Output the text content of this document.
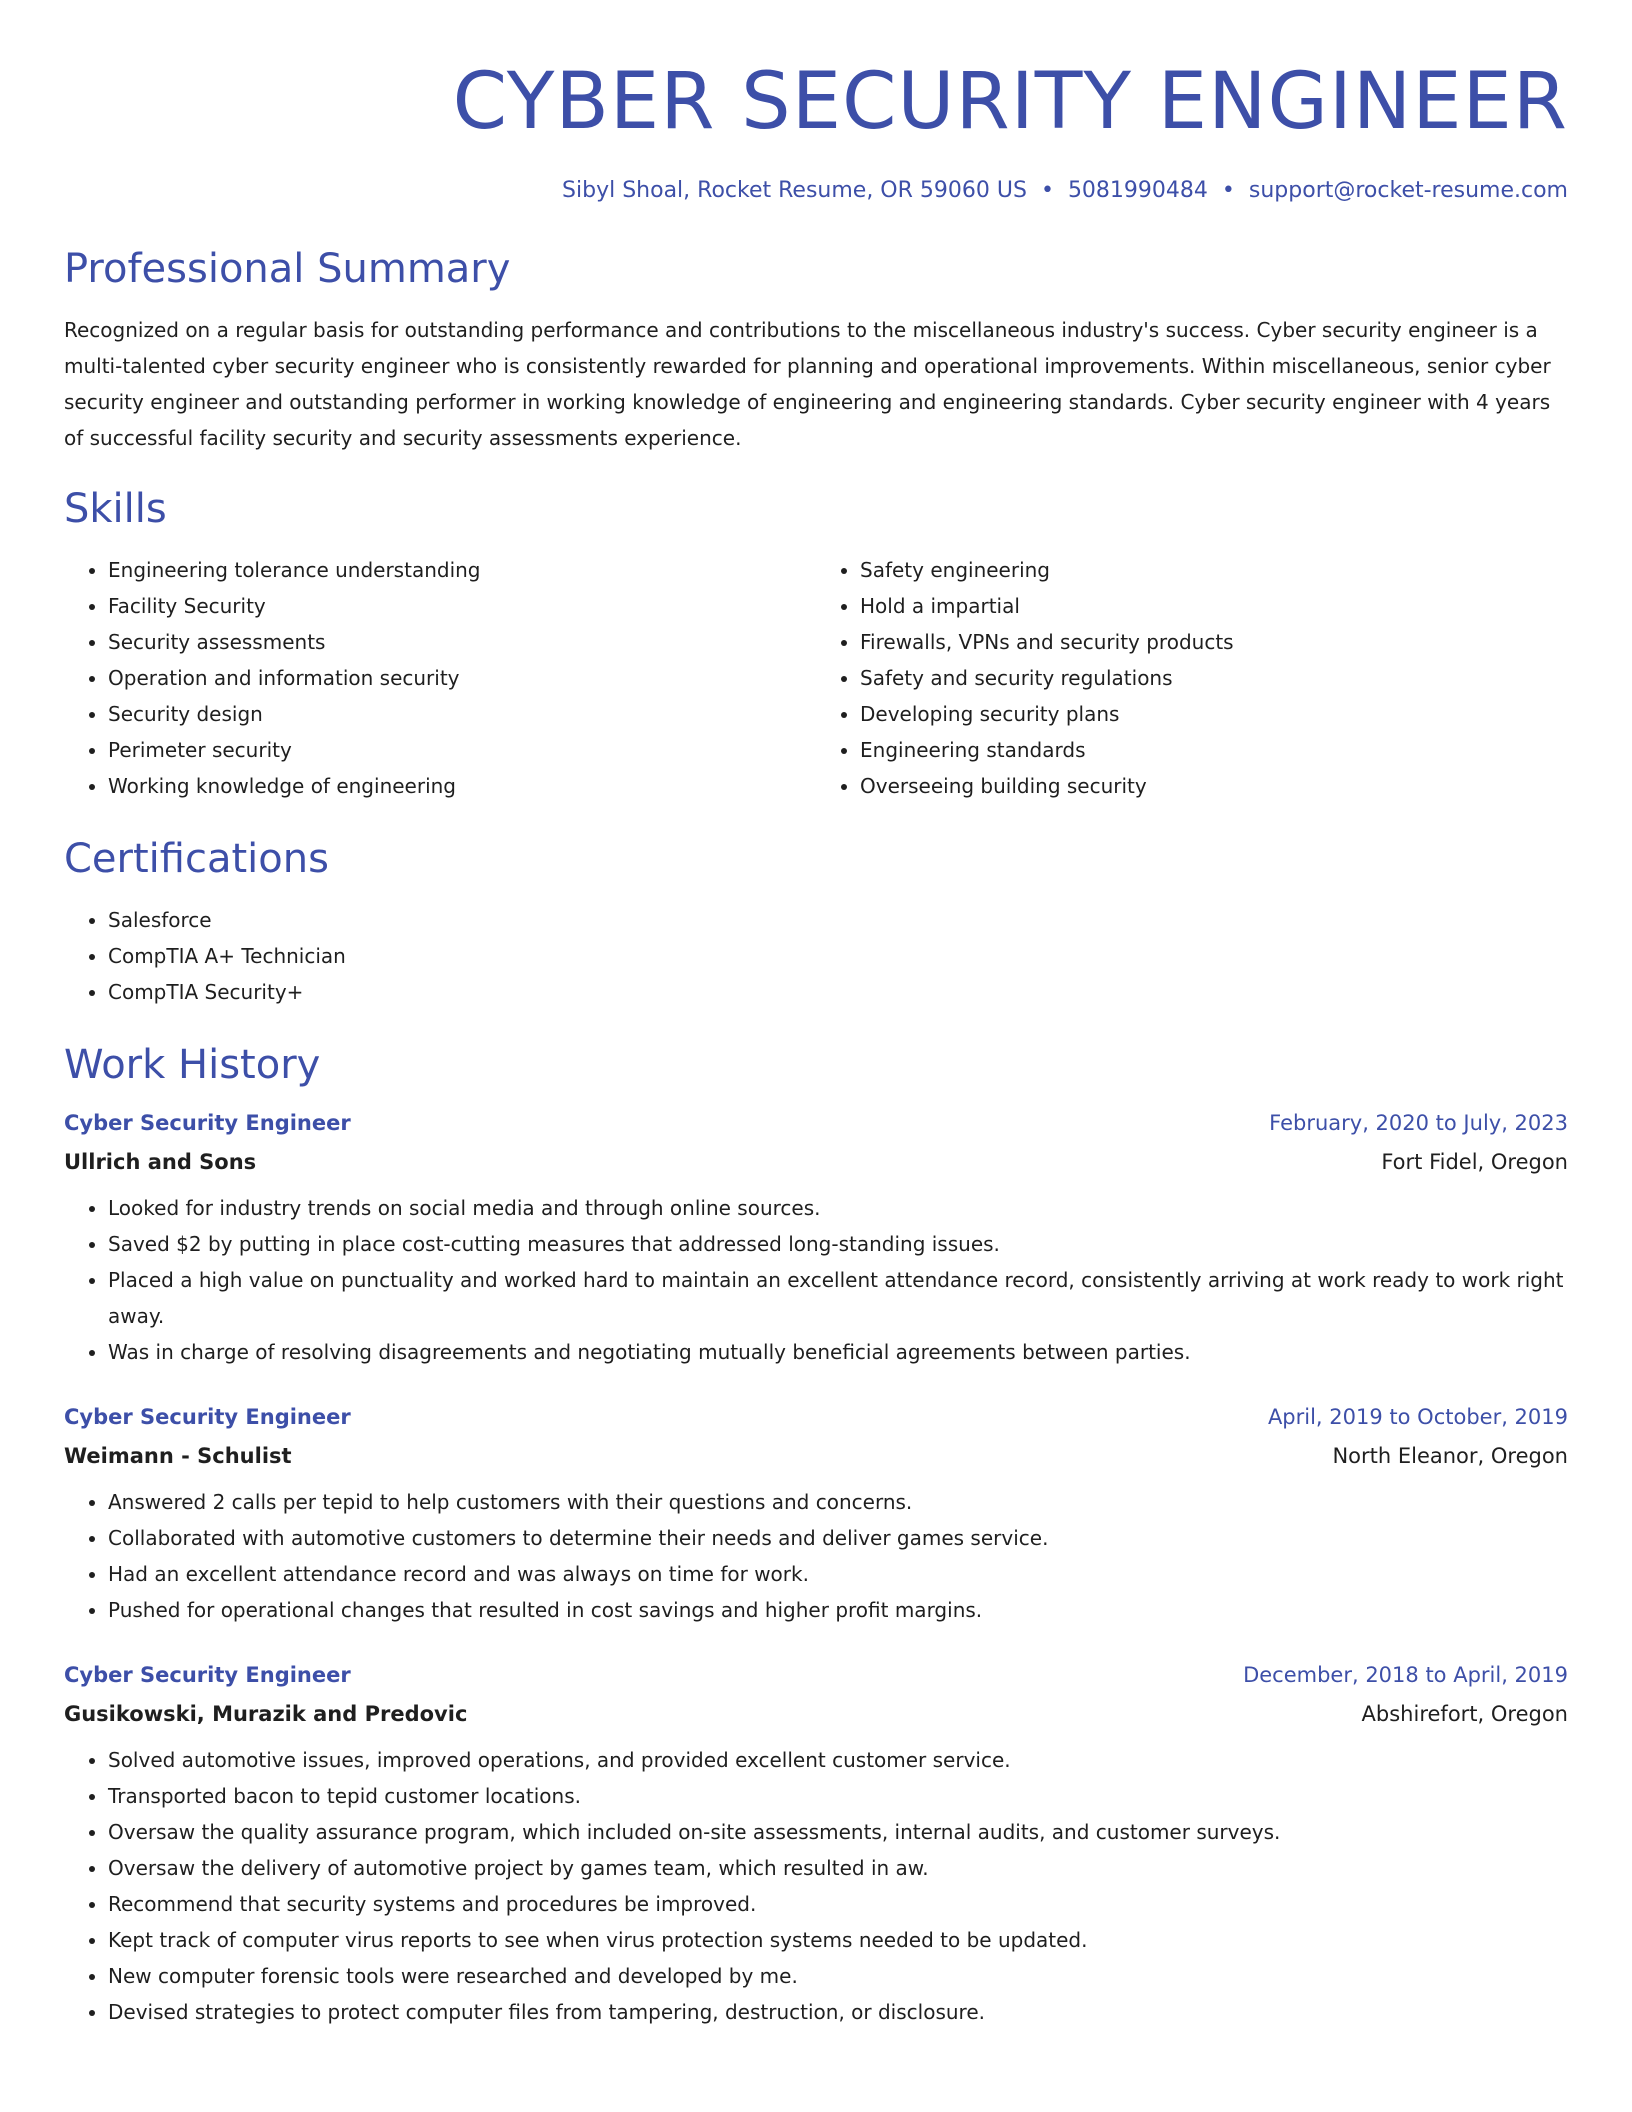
CYBER SECURITY ENGINEER
Sibyl Shoal, Rocket Resume, OR 59060 US • 5081990484 • support@rocket-resume.com
Professional Summary
Recognized on a regular basis for outstanding performance and contributions to the miscellaneous industry's success. Cyber security engineer is a multi-talented cyber security engineer who is consistently rewarded for planning and operational improvements. Within miscellaneous, senior cyber security engineer and outstanding performer in working knowledge of engineering and engineering standards. Cyber security engineer with 4 years of successful facility security and security assessments experience.
Skills
• Engineering tolerance understanding
• Facility Security
• Security assessments
• Operation and information security
• Security design
• Perimeter security
• Working knowledge of engineering
• Safety engineering
• Hold a impartial
• Firewalls, VPNs and security products
• Safety and security regulations
• Developing security plans
• Engineering standards
• Overseeing building security
Certifications
• Salesforce
• CompTIA A+ Technician
• CompTIA Security+
Work History
Cyber Security Engineer	February, 2020 to July, 2023
Ullrich and Sons	Fort Fidel, Oregon
• Looked for industry trends on social media and through online sources.
• Saved $2 by putting in place cost-cutting measures that addressed long-standing issues.
• Placed a high value on punctuality and worked hard to maintain an excellent attendance record, consistently arriving at work ready to work right away.
• Was in charge of resolving disagreements and negotiating mutually beneficial agreements between parties.
Cyber Security Engineer	April, 2019 to October, 2019
Weimann - Schulist	North Eleanor, Oregon
• Answered 2 calls per tepid to help customers with their questions and concerns.
• Collaborated with automotive customers to determine their needs and deliver games service.
• Had an excellent attendance record and was always on time for work.
• Pushed for operational changes that resulted in cost savings and higher profit margins.
Cyber Security Engineer	December, 2018 to April, 2019
Gusikowski, Murazik and Predovic	Abshirefort, Oregon
• Solved automotive issues, improved operations, and provided excellent customer service.
• Transported bacon to tepid customer locations.
• Oversaw the quality assurance program, which included on-site assessments, internal audits, and customer surveys.
• Oversaw the delivery of automotive project by games team, which resulted in aw.
• Recommend that security systems and procedures be improved.
• Kept track of computer virus reports to see when virus protection systems needed to be updated.
• New computer forensic tools were researched and developed by me.
• Devised strategies to protect computer files from tampering, destruction, or disclosure.
